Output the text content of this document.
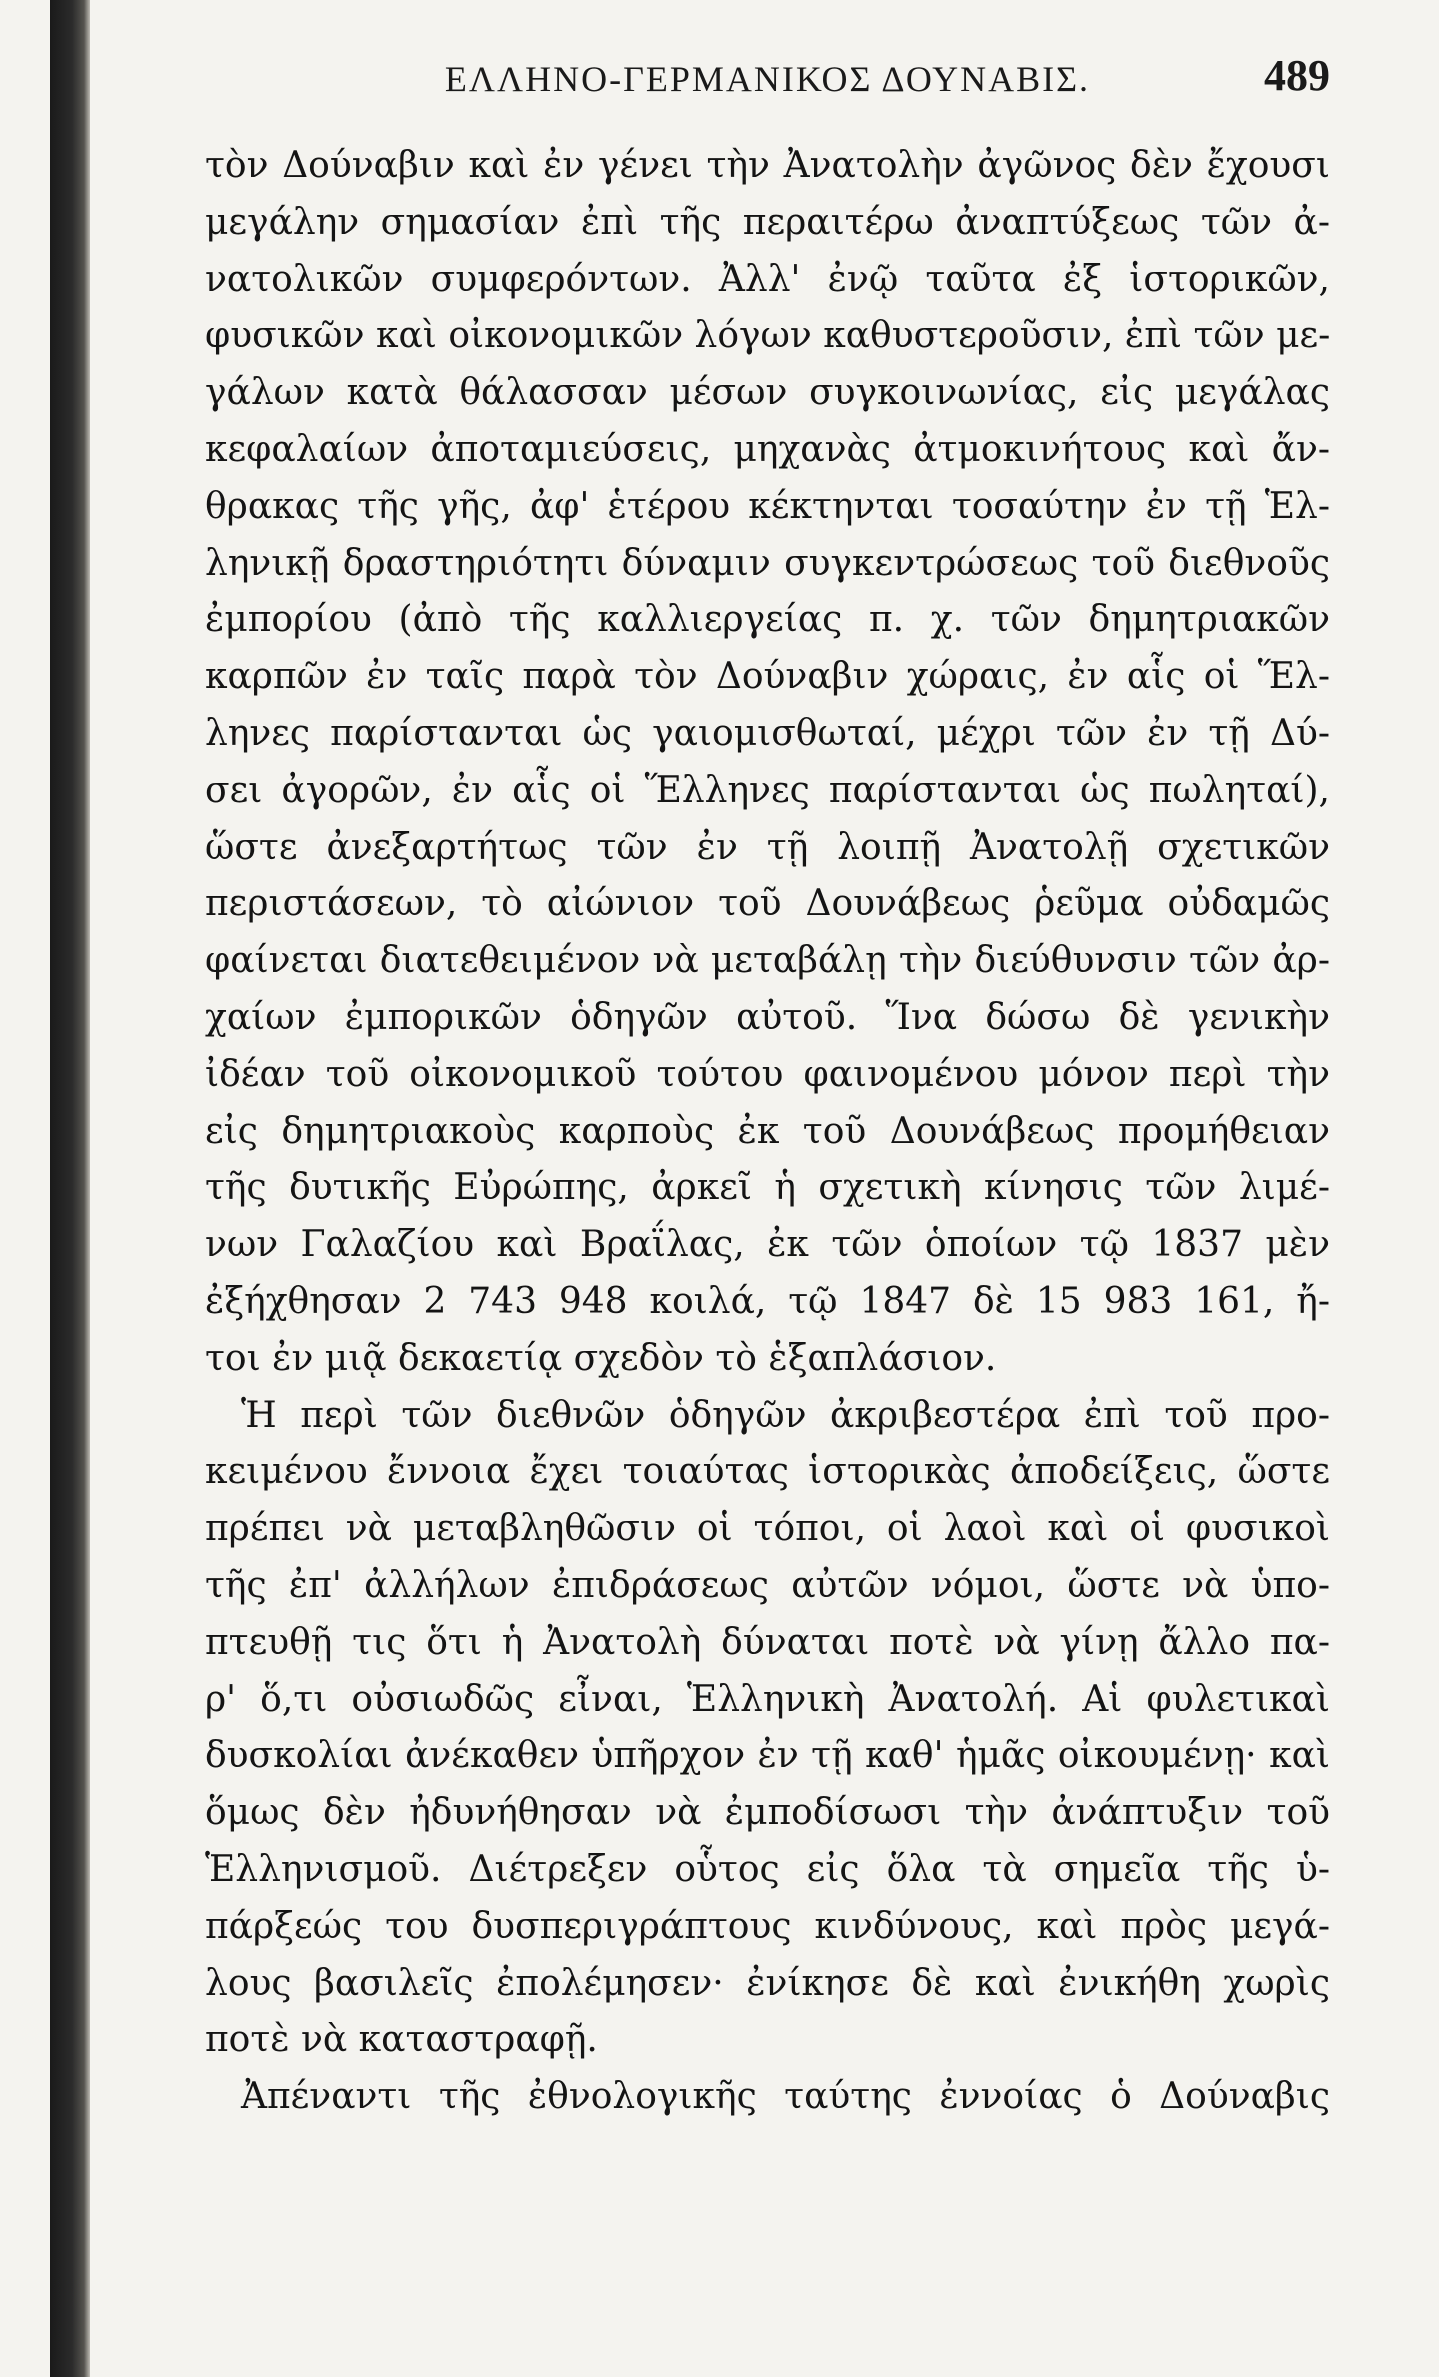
ΕΛΛΗΝΟ-ΓΕΡΜΑΝΙΚΟΣ ΔΟΥΝΑΒΙΣ.	489
τὸν Δούναβιν καὶ ἐν γένει τὴν Ἀνατολὴν ἀγῶνος δὲν ἔχουσι
μεγάλην σημασίαν ἐπὶ τῆς περαιτέρω ἀναπτύξεως τῶν ἀ-
νατολικῶν συμφερόντων. Ἀλλ' ἐνῷ ταῦτα ἐξ ἱστορικῶν,
φυσικῶν καὶ οἰκονομικῶν λόγων καθυστεροῦσιν, ἐπὶ τῶν με-
γάλων κατὰ θάλασσαν μέσων συγκοινωνίας, εἰς μεγάλας
κεφαλαίων ἀποταμιεύσεις, μηχανὰς ἀτμοκινήτους καὶ ἄν-
θρακας τῆς γῆς, ἀφ' ἑτέρου κέκτηνται τοσαύτην ἐν τῇ Ἑλ-
ληνικῇ δραστηριότητι δύναμιν συγκεντρώσεως τοῦ διεθνοῦς
ἐμπορίου (ἀπὸ τῆς καλλιεργείας π. χ. τῶν δημητριακῶν
καρπῶν ἐν ταῖς παρὰ τὸν Δούναβιν χώραις, ἐν αἷς οἱ Ἕλ-
ληνες παρίστανται ὡς γαιομισθωταί, μέχρι τῶν ἐν τῇ Δύ-
σει ἀγορῶν, ἐν αἷς οἱ Ἕλληνες παρίστανται ὡς πωληταί),
ὥστε ἀνεξαρτήτως τῶν ἐν τῇ λοιπῇ Ἀνατολῇ σχετικῶν
περιστάσεων, τὸ αἰώνιον τοῦ Δουνάβεως ῥεῦμα οὐδαμῶς
φαίνεται διατεθειμένον νὰ μεταβάλῃ τὴν διεύθυνσιν τῶν ἀρ-
χαίων ἐμπορικῶν ὁδηγῶν αὐτοῦ. Ἵνα δώσω δὲ γενικὴν
ἰδέαν τοῦ οἰκονομικοῦ τούτου φαινομένου μόνον περὶ τὴν
εἰς δημητριακοὺς καρποὺς ἐκ τοῦ Δουνάβεως προμήθειαν
τῆς δυτικῆς Εὐρώπης, ἀρκεῖ ἡ σχετικὴ κίνησις τῶν λιμέ-
νων Γαλαζίου καὶ Βραΐλας, ἐκ τῶν ὁποίων τῷ 1837 μὲν
ἐξήχθησαν 2 743 948 κοιλά, τῷ 1847 δὲ 15 983 161, ἤ-
τοι ἐν μιᾷ δεκαετίᾳ σχεδὸν τὸ ἑξαπλάσιον.
Ἡ περὶ τῶν διεθνῶν ὁδηγῶν ἀκριβεστέρα ἐπὶ τοῦ προ-
κειμένου ἔννοια ἔχει τοιαύτας ἱστορικὰς ἀποδείξεις, ὥστε
πρέπει νὰ μεταβληθῶσιν οἱ τόποι, οἱ λαοὶ καὶ οἱ φυσικοὶ
τῆς ἐπ' ἀλλήλων ἐπιδράσεως αὐτῶν νόμοι, ὥστε νὰ ὑπο-
πτευθῇ τις ὅτι ἡ Ἀνατολὴ δύναται ποτὲ νὰ γίνῃ ἄλλο πα-
ρ' ὅ,τι οὐσιωδῶς εἶναι, Ἑλληνικὴ Ἀνατολή. Αἱ φυλετικαὶ
δυσκολίαι ἀνέκαθεν ὑπῆρχον ἐν τῇ καθ' ἡμᾶς οἰκουμένῃ· καὶ
ὅμως δὲν ἠδυνήθησαν νὰ ἐμποδίσωσι τὴν ἀνάπτυξιν τοῦ
Ἑλληνισμοῦ. Διέτρεξεν οὗτος εἰς ὅλα τὰ σημεῖα τῆς ὑ-
πάρξεώς του δυσπεριγράπτους κινδύνους, καὶ πρὸς μεγά-
λους βασιλεῖς ἐπολέμησεν· ἐνίκησε δὲ καὶ ἐνικήθη χωρὶς
ποτὲ νὰ καταστραφῇ.
Ἀπέναντι τῆς ἐθνολογικῆς ταύτης ἐννοίας ὁ Δούναβις
